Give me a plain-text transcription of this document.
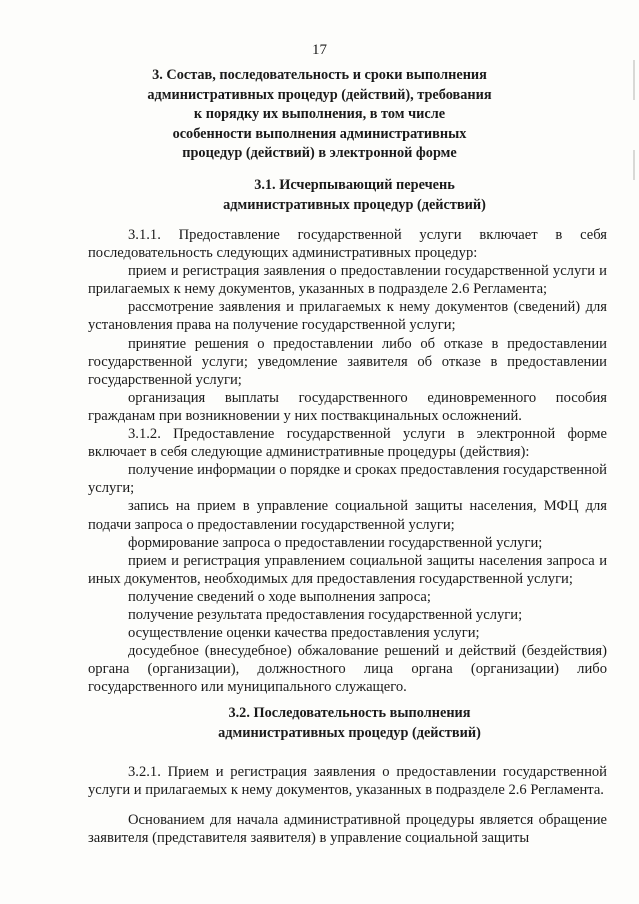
17
3. Состав, последовательность и сроки выполнения
административных процедур (действий), требования
к порядку их выполнения, в том числе
особенности выполнения административных
процедур (действий) в электронной форме
3.1. Исчерпывающий перечень
административных процедур (действий)
3.1.1. Предоставление государственной услуги включает в себя последовательность следующих административных процедур:
прием и регистрация заявления о предоставлении государственной услуги и прилагаемых к нему документов, указанных в подразделе 2.6 Регламента;
рассмотрение заявления и прилагаемых к нему документов (сведений) для установления права на получение государственной услуги;
принятие решения о предоставлении либо об отказе в предоставлении государственной услуги; уведомление заявителя об отказе в предоставлении государственной услуги;
организация выплаты государственного единовременного пособия гражданам при возникновении у них поствакцинальных осложнений.
3.1.2. Предоставление государственной услуги в электронной форме включает в себя следующие административные процедуры (действия):
получение информации о порядке и сроках предоставления государственной услуги;
запись на прием в управление социальной защиты населения, МФЦ для подачи запроса о предоставлении государственной услуги;
формирование запроса о предоставлении государственной услуги;
прием и регистрация управлением социальной защиты населения запроса и иных документов, необходимых для предоставления государственной услуги;
получение сведений о ходе выполнения запроса;
получение результата предоставления государственной услуги;
осуществление оценки качества предоставления услуги;
досудебное (внесудебное) обжалование решений и действий (бездействия) органа (организации), должностного лица органа (организации) либо государственного или муниципального служащего.
3.2. Последовательность выполнения
административных процедур (действий)
3.2.1. Прием и регистрация заявления о предоставлении государственной услуги и прилагаемых к нему документов, указанных в подразделе 2.6 Регламента.
Основанием для начала административной процедуры является обращение заявителя (представителя заявителя) в управление социальной защиты
